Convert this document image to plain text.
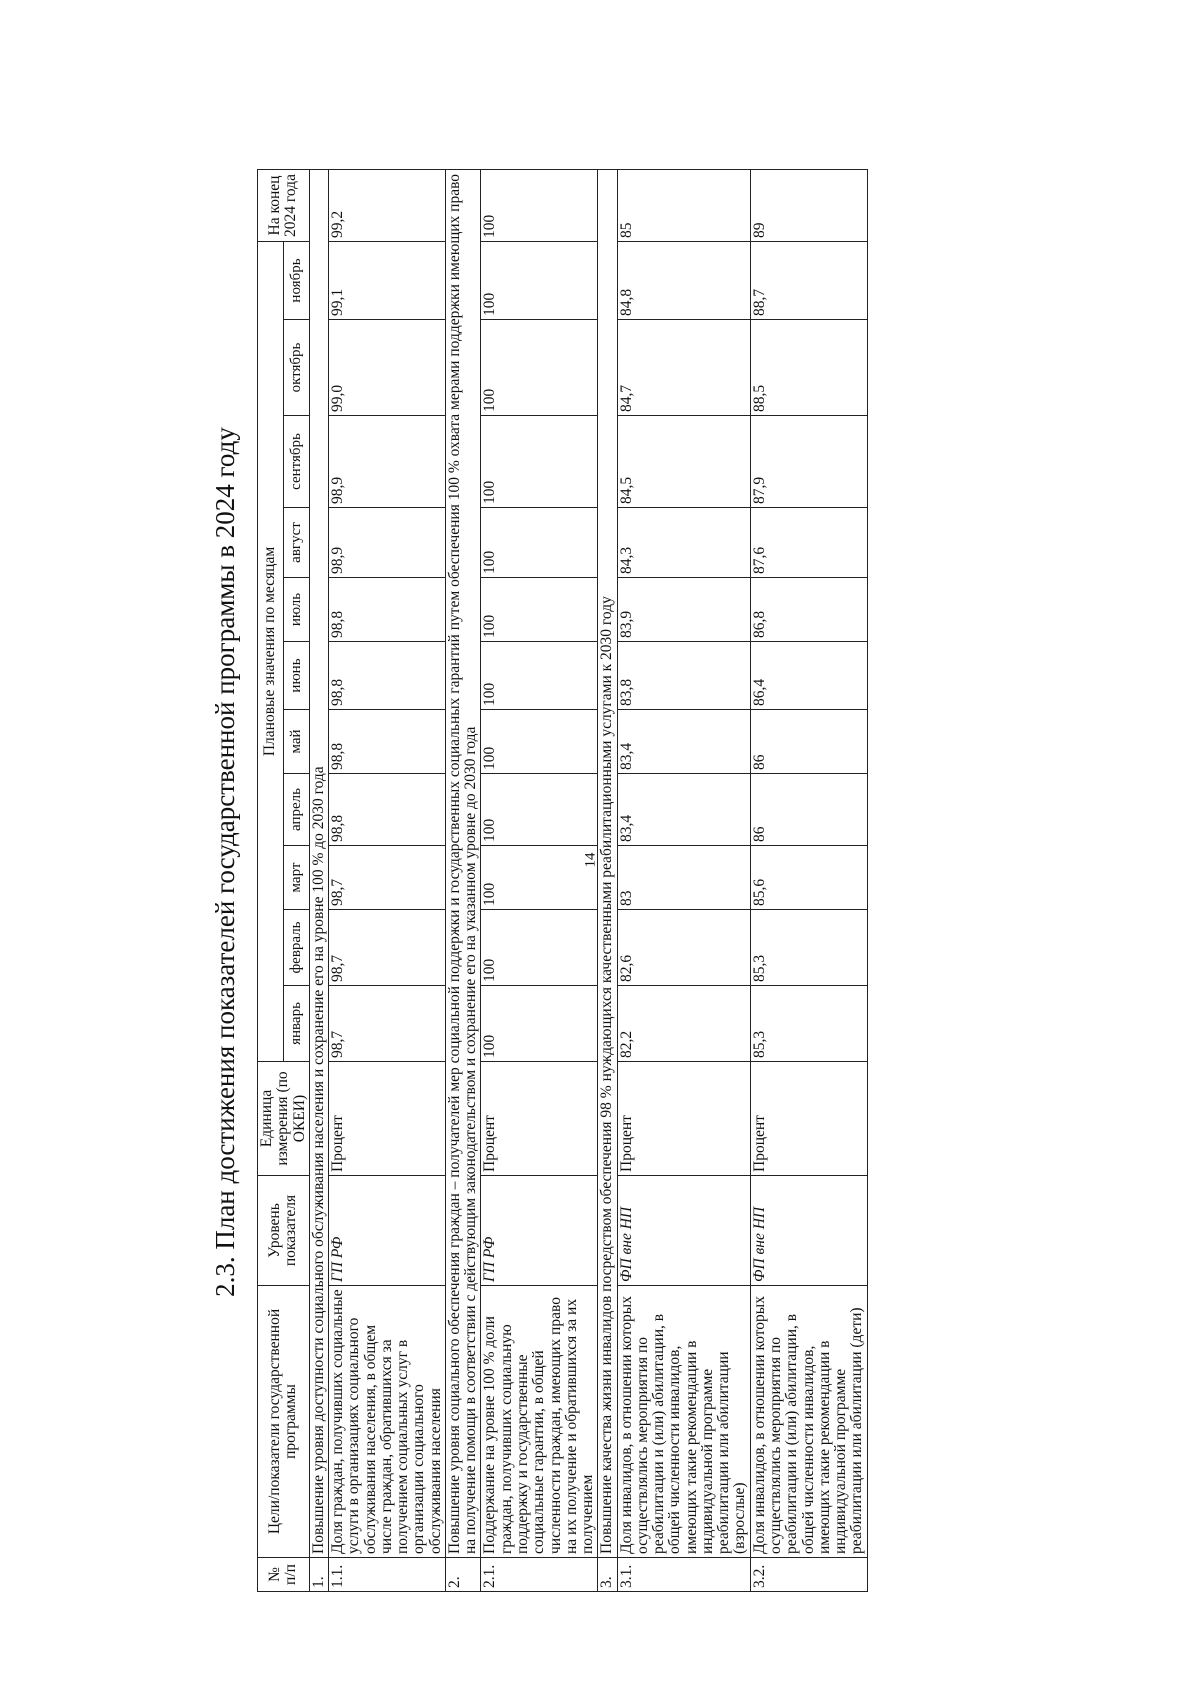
14
2.3. План достижения показателей государственной программы в 2024 году
№ п/п	Цели/показатели государственной программы	Уровень показателя	Единица измерения (по ОКЕИ)	Плановые значения по месяцам											На конец 2024 года
				январь	февраль	март	апрель	май	июнь	июль	август	сентябрь	октябрь	ноябрь	
1.	Повышение уровня доступности социального обслуживания населения и сохранение его на уровне 100 % до 2030 года														
1.1.	Доля граждан, получивших социальные услуги в организациях социального обслуживания населения, в общем числе граждан, обратившихся за получением социальных услуг в организации социального обслуживания населения	ГП РФ	Процент	98,7	98,7	98,7	98,8	98,8	98,8	98,8	98,9	98,9	99,0	99,1	99,2
2.	Повышение уровня социального обеспечения граждан – получателей мер социальной поддержки и государственных социальных гарантий путем обеспечения 100 % охвата мерами поддержки имеющих право на получение помощи в соответствии с действующим законодательством и сохранение его на указанном уровне до 2030 года														
2.1.	Поддержание на уровне 100 % доли граждан, получивших социальную поддержку и государственные социальные гарантии, в общей численности граждан, имеющих право на их получение и обратившихся за их получением	ГП РФ	Процент	100	100	100	100	100	100	100	100	100	100	100	100
3.	Повышение качества жизни инвалидов посредством обеспечения 98 % нуждающихся качественными реабилитационными услугами к 2030 году														
3.1.	Доля инвалидов, в отношении которых осуществлялись мероприятия по реабилитации и (или) абилитации, в общей численности инвалидов, имеющих такие рекомендации в индивидуальной программе реабилитации или абилитации (взрослые)	ФП вне НП	Процент	82,2	82,6	83	83,4	83,4	83,8	83,9	84,3	84,5	84,7	84,8	85
3.2.	Доля инвалидов, в отношении которых осуществлялись мероприятия по реабилитации и (или) абилитации, в общей численности инвалидов, имеющих такие рекомендации в индивидуальной программе реабилитации или абилитации (дети)	ФП вне НП	Процент	85,3	85,3	85,6	86	86	86,4	86,8	87,6	87,9	88,5	88,7	89
